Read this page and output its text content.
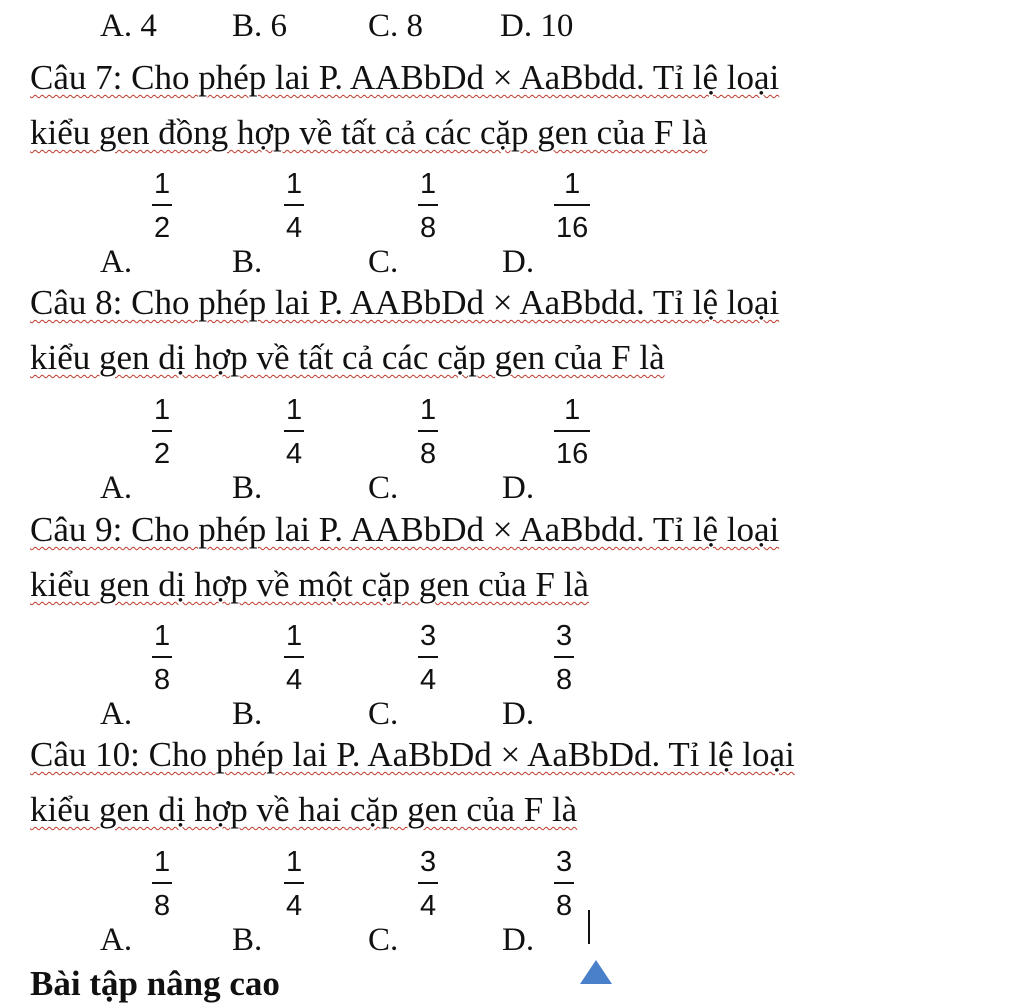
A. 4 B. 6 C. 8 D. 10
Câu 7: Cho phép lai P. AABbDd × AaBbdd. Tỉ lệ loại
kiểu gen đồng hợp về tất cả các cặp gen của F là
A.
1
2
B.
1
4
C.
1
8
D.
1
16
Câu 8: Cho phép lai P. AABbDd × AaBbdd. Tỉ lệ loại
kiểu gen dị hợp về tất cả các cặp gen của F là
A.
1
2
B.
1
4
C.
1
8
D.
1
16
Câu 9: Cho phép lai P. AABbDd × AaBbdd. Tỉ lệ loại
kiểu gen dị hợp về một cặp gen của F là
A.
1
8
B.
1
4
C.
3
4
D.
3
8
Câu 10: Cho phép lai P. AaBbDd × AaBbDd. Tỉ lệ loại
kiểu gen dị hợp về hai cặp gen của F là
A.
1
8
B.
1
4
C.
3
4
D.
3
8
Bài tập nâng cao
